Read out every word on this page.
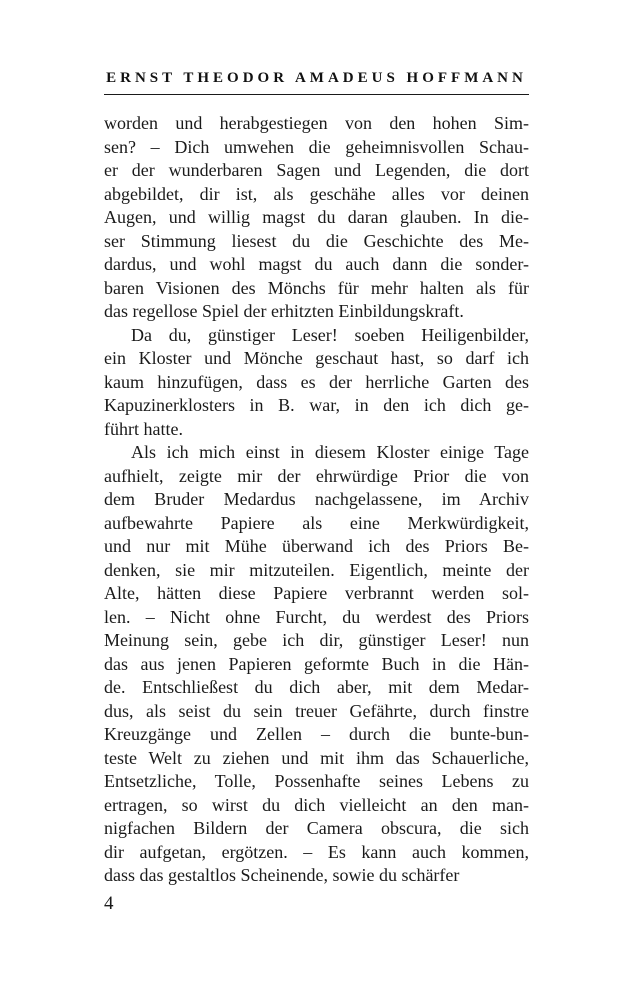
ERNST THEODOR AMADEUS HOFFMANN
worden und herabgestiegen von den hohen Sim-
sen? – Dich umwehen die geheimnisvollen Schau-
er der wunderbaren Sagen und Legenden, die dort
abgebildet, dir ist, als geschähe alles vor deinen
Augen, und willig magst du daran glauben. In die-
ser Stimmung liesest du die Geschichte des Me-
dardus, und wohl magst du auch dann die sonder-
baren Visionen des Mönchs für mehr halten als für
das regellose Spiel der erhitzten Einbildungskraft.
Da du, günstiger Leser! soeben Heiligenbilder,
ein Kloster und Mönche geschaut hast, so darf ich
kaum hinzufügen, dass es der herrliche Garten des
Kapuzinerklosters in B. war, in den ich dich ge-
führt hatte.
Als ich mich einst in diesem Kloster einige Tage
aufhielt, zeigte mir der ehrwürdige Prior die von
dem Bruder Medardus nachgelassene, im Archiv
aufbewahrte Papiere als eine Merkwürdigkeit,
und nur mit Mühe überwand ich des Priors Be-
denken, sie mir mitzuteilen. Eigentlich, meinte der
Alte, hätten diese Papiere verbrannt werden sol-
len. – Nicht ohne Furcht, du werdest des Priors
Meinung sein, gebe ich dir, günstiger Leser! nun
das aus jenen Papieren geformte Buch in die Hän-
de. Entschließest du dich aber, mit dem Medar-
dus, als seist du sein treuer Gefährte, durch finstre
Kreuzgänge und Zellen – durch die bunte-bun-
teste Welt zu ziehen und mit ihm das Schauerliche,
Entsetzliche, Tolle, Possenhafte seines Lebens zu
ertragen, so wirst du dich vielleicht an den man-
nigfachen Bildern der Camera obscura, die sich
dir aufgetan, ergötzen. – Es kann auch kommen,
dass das gestaltlos Scheinende, sowie du schärfer
4
